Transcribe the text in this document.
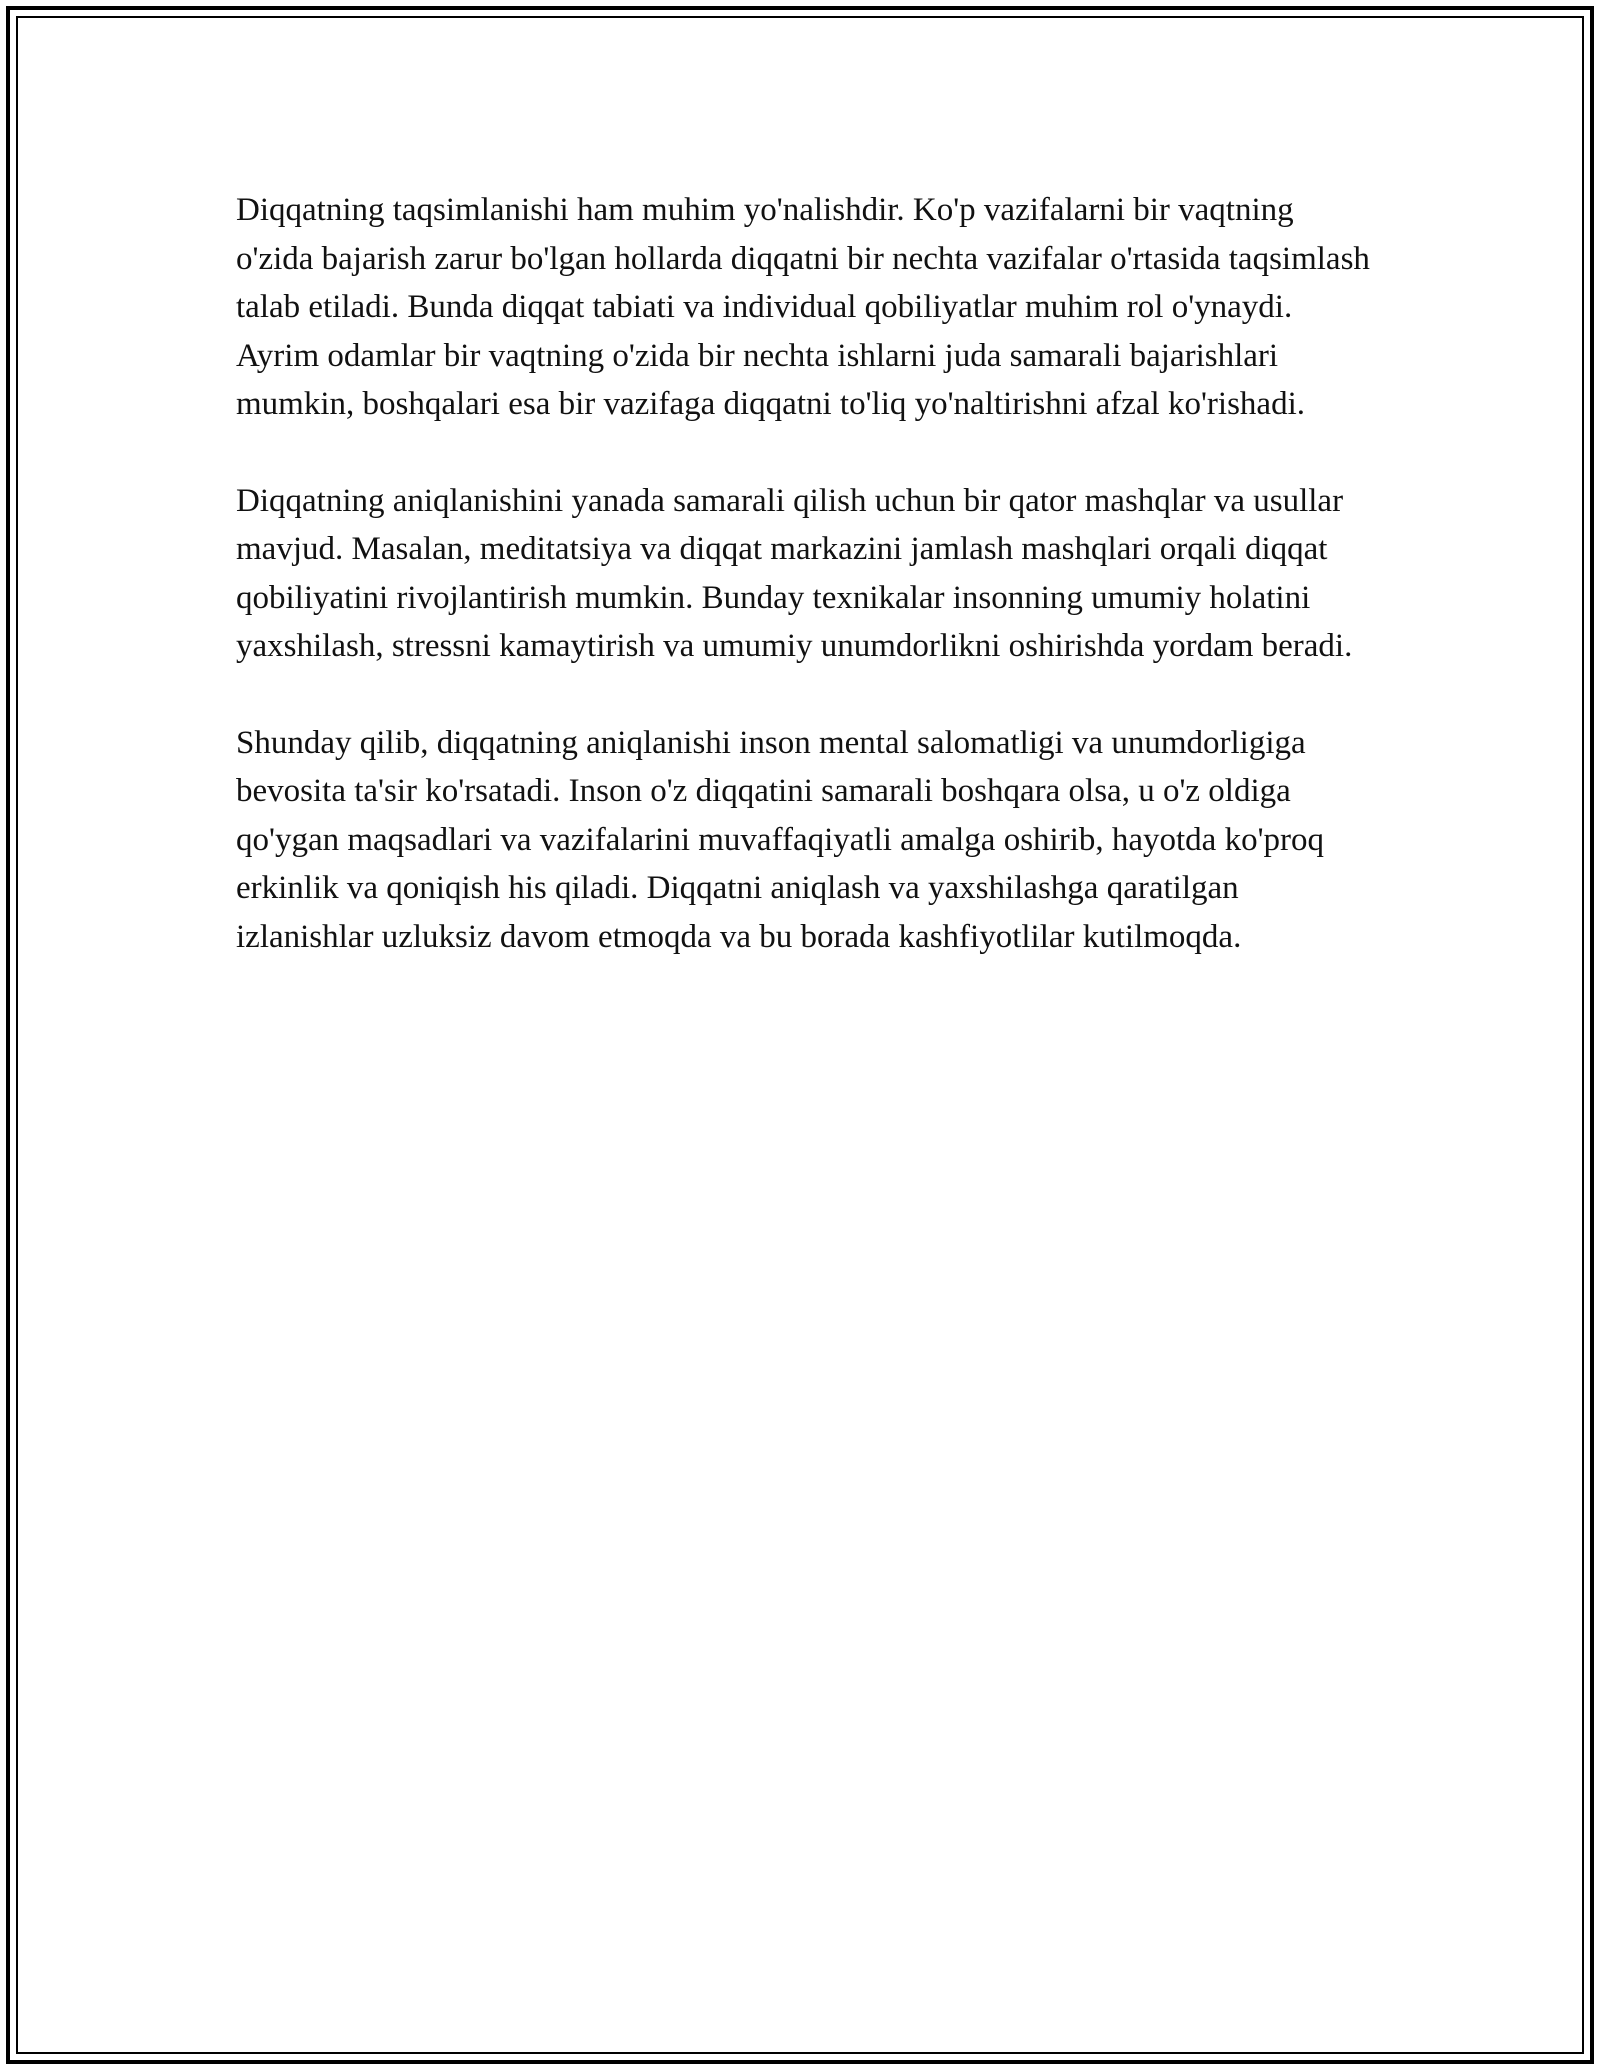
Diqqatning taqsimlanishi ham muhim yo'nalishdir. Ko'p vazifalarni bir vaqtning o'zida bajarish zarur bo'lgan hollarda diqqatni bir nechta vazifalar o'rtasida taqsimlash talab etiladi. Bunda diqqat tabiati va individual qobiliyatlar muhim rol o'ynaydi. Ayrim odamlar bir vaqtning o'zida bir nechta ishlarni juda samarali bajarishlari mumkin, boshqalari esa bir vazifaga diqqatni to'liq yo'naltirishni afzal ko'rishadi.

Diqqatning aniqlanishini yanada samarali qilish uchun bir qator mashqlar va usullar mavjud. Masalan, meditatsiya va diqqat markazini jamlash mashqlari orqali diqqat qobiliyatini rivojlantirish mumkin. Bunday texnikalar insonning umumiy holatini yaxshilash, stressni kamaytirish va umumiy unumdorlikni oshirishda yordam beradi.

Shunday qilib, diqqatning aniqlanishi inson mental salomatligi va unumdorligiga bevosita ta'sir ko'rsatadi. Inson o'z diqqatini samarali boshqara olsa, u o'z oldiga qo'ygan maqsadlari va vazifalarini muvaffaqiyatli amalga oshirib, hayotda ko'proq erkinlik va qoniqish his qiladi. Diqqatni aniqlash va yaxshilashga qaratilgan izlanishlar uzluksiz davom etmoqda va bu borada kashfiyotlilar kutilmoqda.
